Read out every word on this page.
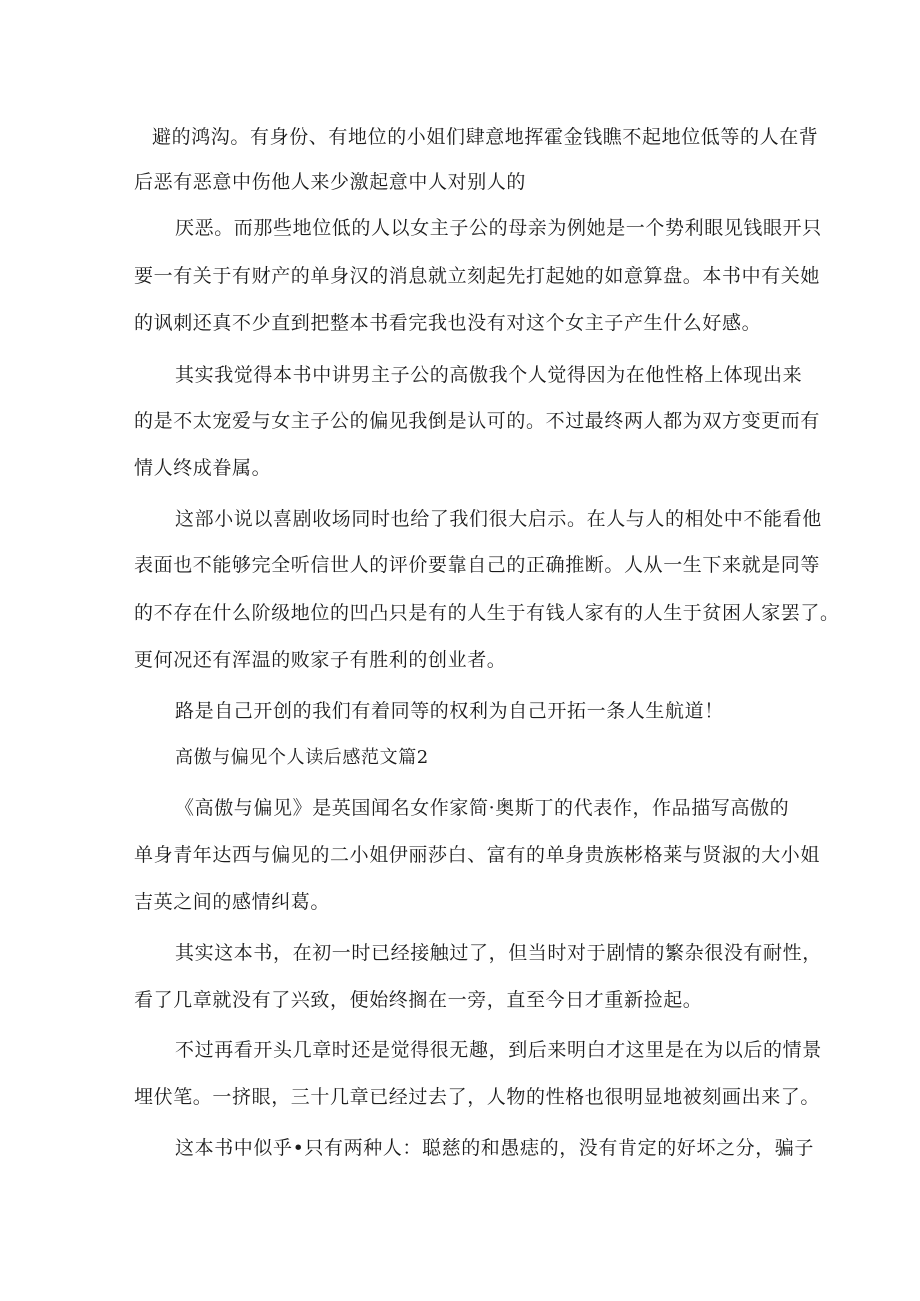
避的鸿沟。有身份、有地位的小姐们肆意地挥霍金钱瞧不起地位低等的人在背

后恶有恶意中伤他人来少激起意中人对别人的

厌恶。而那些地位低的人以女主子公的母亲为例她是一个势利眼见钱眼开只

要一有关于有财产的单身汉的消息就立刻起先打起她的如意算盘。本书中有关她

的讽刺还真不少直到把整本书看完我也没有对这个女主子产生什么好感。

其实我觉得本书中讲男主子公的高傲我个人觉得因为在他性格上体现出来

的是不太宠爱与女主子公的偏见我倒是认可的。不过最终两人都为双方变更而有

情人终成眷属。

这部小说以喜剧收场同时也给了我们很大启示。在人与人的相处中不能看他

表面也不能够完全听信世人的评价要靠自己的正确推断。人从一生下来就是同等

的不存在什么阶级地位的凹凸只是有的人生于有钱人家有的人生于贫困人家罢了。

更何况还有浑温的败家子有胜利的创业者。

路是自己开创的我们有着同等的权利为自己开拓一条人生航道！

高傲与偏见个人读后感范文篇2

《高傲与偏见》是英国闻名女作家简·奥斯丁的代表作，作品描写高傲的

单身青年达西与偏见的二小姐伊丽莎白、富有的单身贵族彬格莱与贤淑的大小姐

吉英之间的感情纠葛。

其实这本书，在初一时已经接触过了，但当时对于剧情的繁杂很没有耐性，

看了几章就没有了兴致，便始终搁在一旁，直至今日才重新捡起。

不过再看开头几章时还是觉得很无趣，到后来明白才这里是在为以后的情景

埋伏笔。一挤眼，三十几章已经过去了，人物的性格也很明显地被刻画出来了。

这本书中似乎•只有两种人：聪慈的和愚痣的，没有肯定的好坏之分，骗子
